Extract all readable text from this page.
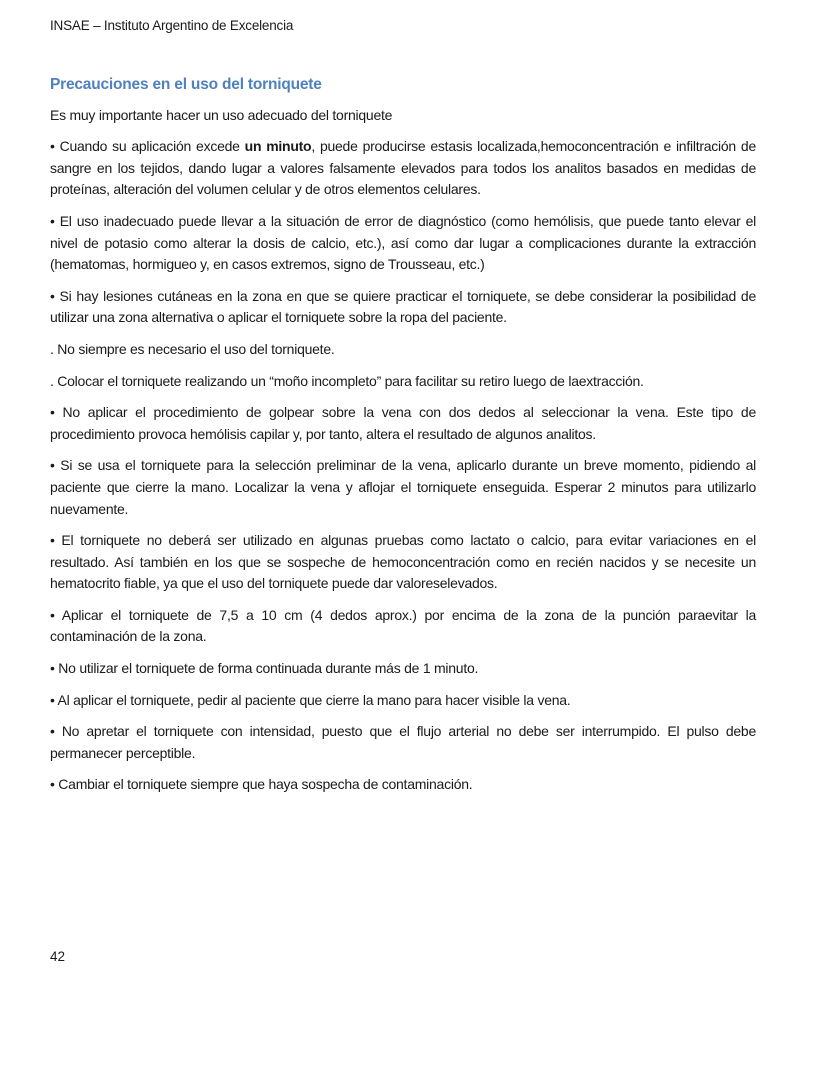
INSAE – Instituto Argentino de Excelencia
Precauciones en el uso del torniquete

Es muy importante hacer un uso adecuado del torniquete

• Cuando su aplicación excede un minuto, puede producirse estasis localizada,hemoconcentración e infiltración de sangre en los tejidos, dando lugar a valores falsamente elevados para todos los analitos basados en medidas de proteínas, alteración del volumen celular y de otros elementos celulares.

• El uso inadecuado puede llevar a la situación de error de diagnóstico (como hemólisis, que puede tanto elevar el nivel de potasio como alterar la dosis de calcio, etc.), así como dar lugar a complicaciones durante la extracción (hematomas, hormigueo y, en casos extremos, signo de Trousseau, etc.)

• Si hay lesiones cutáneas en la zona en que se quiere practicar el torniquete, se debe considerar la posibilidad de utilizar una zona alternativa o aplicar el torniquete sobre la ropa del paciente.

. No siempre es necesario el uso del torniquete.

. Colocar el torniquete realizando un “moño incompleto” para facilitar su retiro luego de laextracción.

• No aplicar el procedimiento de golpear sobre la vena con dos dedos al seleccionar la vena. Este tipo de procedimiento provoca hemólisis capilar y, por tanto, altera el resultado de algunos analitos.

• Si se usa el torniquete para la selección preliminar de la vena, aplicarlo durante un breve momento, pidiendo al paciente que cierre la mano. Localizar la vena y aflojar el torniquete enseguida. Esperar 2 minutos para utilizarlo nuevamente.

• El torniquete no deberá ser utilizado en algunas pruebas como lactato o calcio, para evitar variaciones en el resultado. Así también en los que se sospeche de hemoconcentración como en recién nacidos y se necesite un hematocrito fiable, ya que el uso del torniquete puede dar valoreselevados.

• Aplicar el torniquete de 7,5 a 10 cm (4 dedos aprox.) por encima de la zona de la punción paraevitar la contaminación de la zona.

• No utilizar el torniquete de forma continuada durante más de 1 minuto.

• Al aplicar el torniquete, pedir al paciente que cierre la mano para hacer visible la vena.

• No apretar el torniquete con intensidad, puesto que el flujo arterial no debe ser interrumpido. El pulso debe permanecer perceptible.

• Cambiar el torniquete siempre que haya sospecha de contaminación.

42
